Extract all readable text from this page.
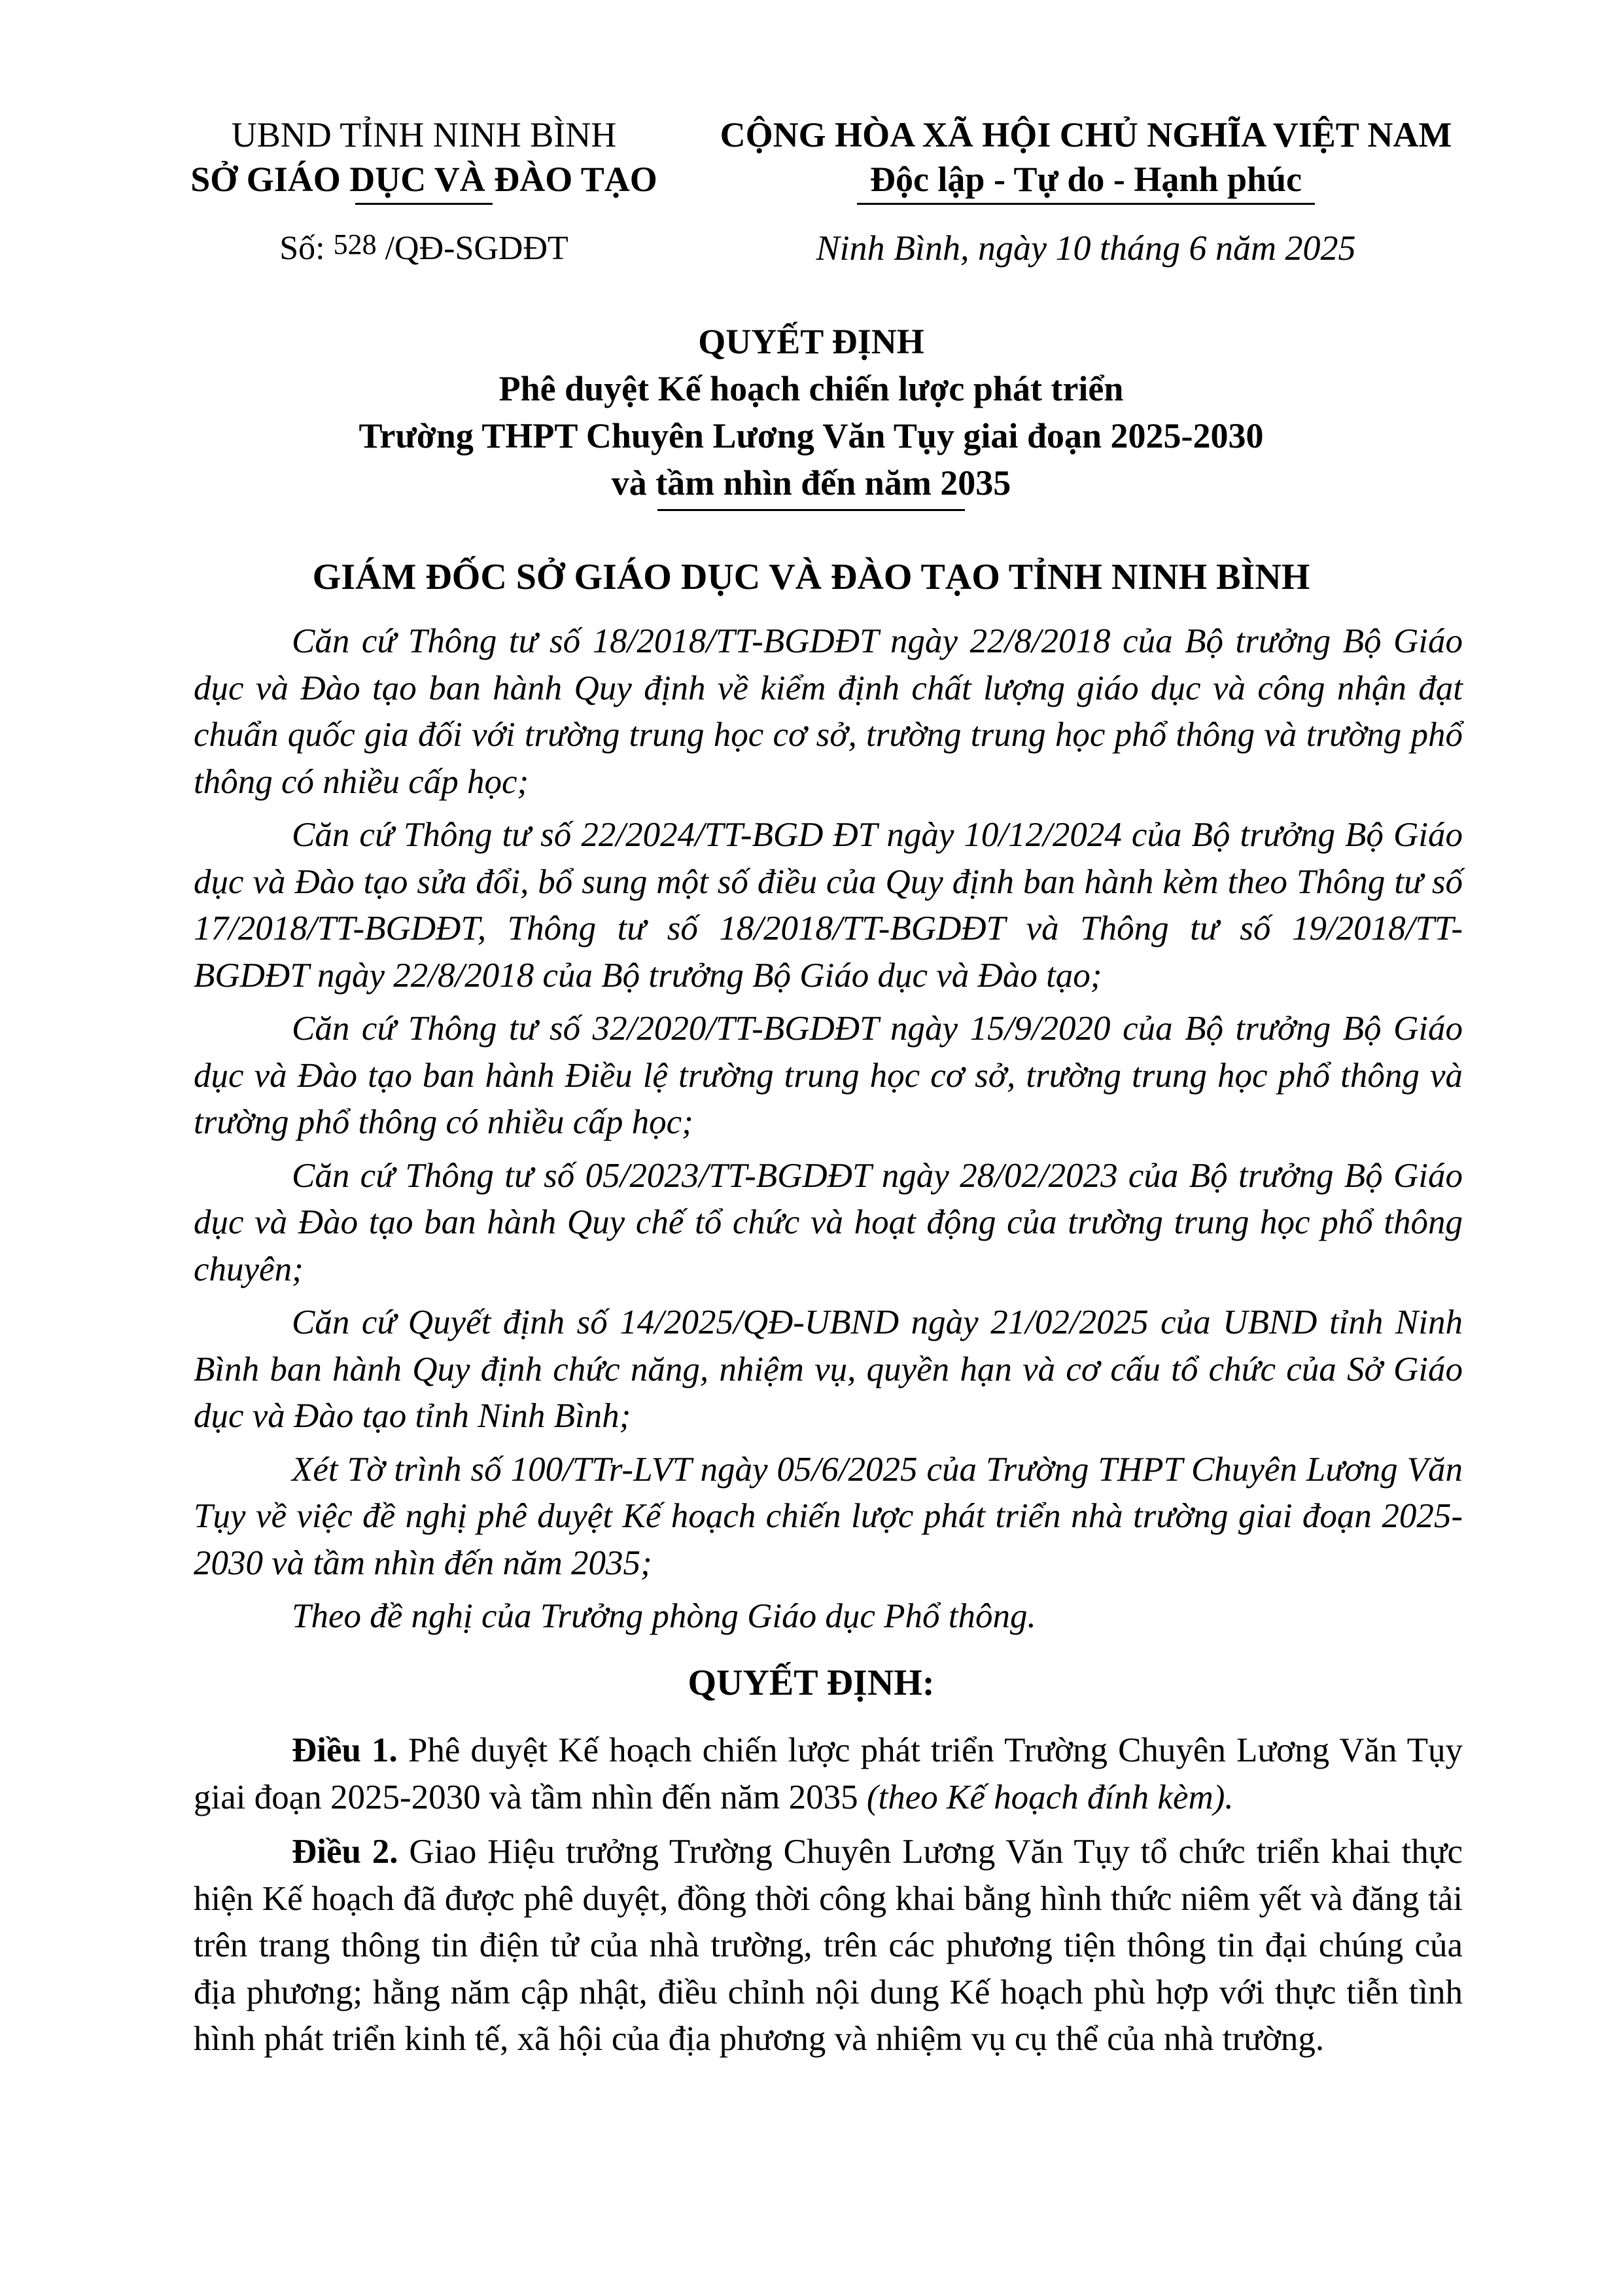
UBND TỈNH NINH BÌNH
SỞ GIÁO DỤC VÀ ĐÀO TẠO
CỘNG HÒA XÃ HỘI CHỦ NGHĨA VIỆT NAM
Độc lập - Tự do - Hạnh phúc
Số: 528 /QĐ-SGDĐT	Ninh Bình, ngày 10 tháng 6 năm 2025
QUYẾT ĐỊNH
Phê duyệt Kế hoạch chiến lược phát triển
Trường THPT Chuyên Lương Văn Tụy giai đoạn 2025-2030
và tầm nhìn đến năm 2035
GIÁM ĐỐC SỞ GIÁO DỤC VÀ ĐÀO TẠO TỈNH NINH BÌNH

Căn cứ Thông tư số 18/2018/TT-BGDĐT ngày 22/8/2018 của Bộ trưởng Bộ Giáo dục và Đào tạo ban hành Quy định về kiểm định chất lượng giáo dục và công nhận đạt chuẩn quốc gia đối với trường trung học cơ sở, trường trung học phổ thông và trường phổ thông có nhiều cấp học;

Căn cứ Thông tư số 22/2024/TT-BGD ĐT ngày 10/12/2024 của Bộ trưởng Bộ Giáo dục và Đào tạo sửa đổi, bổ sung một số điều của Quy định ban hành kèm theo Thông tư số 17/2018/TT-BGDĐT, Thông tư số 18/2018/TT-BGDĐT và Thông tư số 19/2018/TT-BGDĐT ngày 22/8/2018 của Bộ trưởng Bộ Giáo dục và Đào tạo;

Căn cứ Thông tư số 32/2020/TT-BGDĐT ngày 15/9/2020 của Bộ trưởng Bộ Giáo dục và Đào tạo ban hành Điều lệ trường trung học cơ sở, trường trung học phổ thông và trường phổ thông có nhiều cấp học;

Căn cứ Thông tư số 05/2023/TT-BGDĐT ngày 28/02/2023 của Bộ trưởng Bộ Giáo dục và Đào tạo ban hành Quy chế tổ chức và hoạt động của trường trung học phổ thông chuyên;

Căn cứ Quyết định số 14/2025/QĐ-UBND ngày 21/02/2025 của UBND tỉnh Ninh Bình ban hành Quy định chức năng, nhiệm vụ, quyền hạn và cơ cấu tổ chức của Sở Giáo dục và Đào tạo tỉnh Ninh Bình;

Xét Tờ trình số 100/TTr-LVT ngày 05/6/2025 của Trường THPT Chuyên Lương Văn Tụy về việc đề nghị phê duyệt Kế hoạch chiến lược phát triển nhà trường giai đoạn 2025-2030 và tầm nhìn đến năm 2035;

Theo đề nghị của Trưởng phòng Giáo dục Phổ thông.

QUYẾT ĐỊNH:

Điều 1. Phê duyệt Kế hoạch chiến lược phát triển Trường Chuyên Lương Văn Tụy giai đoạn 2025-2030 và tầm nhìn đến năm 2035 (theo Kế hoạch đính kèm).

Điều 2. Giao Hiệu trưởng Trường Chuyên Lương Văn Tụy tổ chức triển khai thực hiện Kế hoạch đã được phê duyệt, đồng thời công khai bằng hình thức niêm yết và đăng tải trên trang thông tin điện tử của nhà trường, trên các phương tiện thông tin đại chúng của địa phương; hằng năm cập nhật, điều chỉnh nội dung Kế hoạch phù hợp với thực tiễn tình hình phát triển kinh tế, xã hội của địa phương và nhiệm vụ cụ thể của nhà trường.
